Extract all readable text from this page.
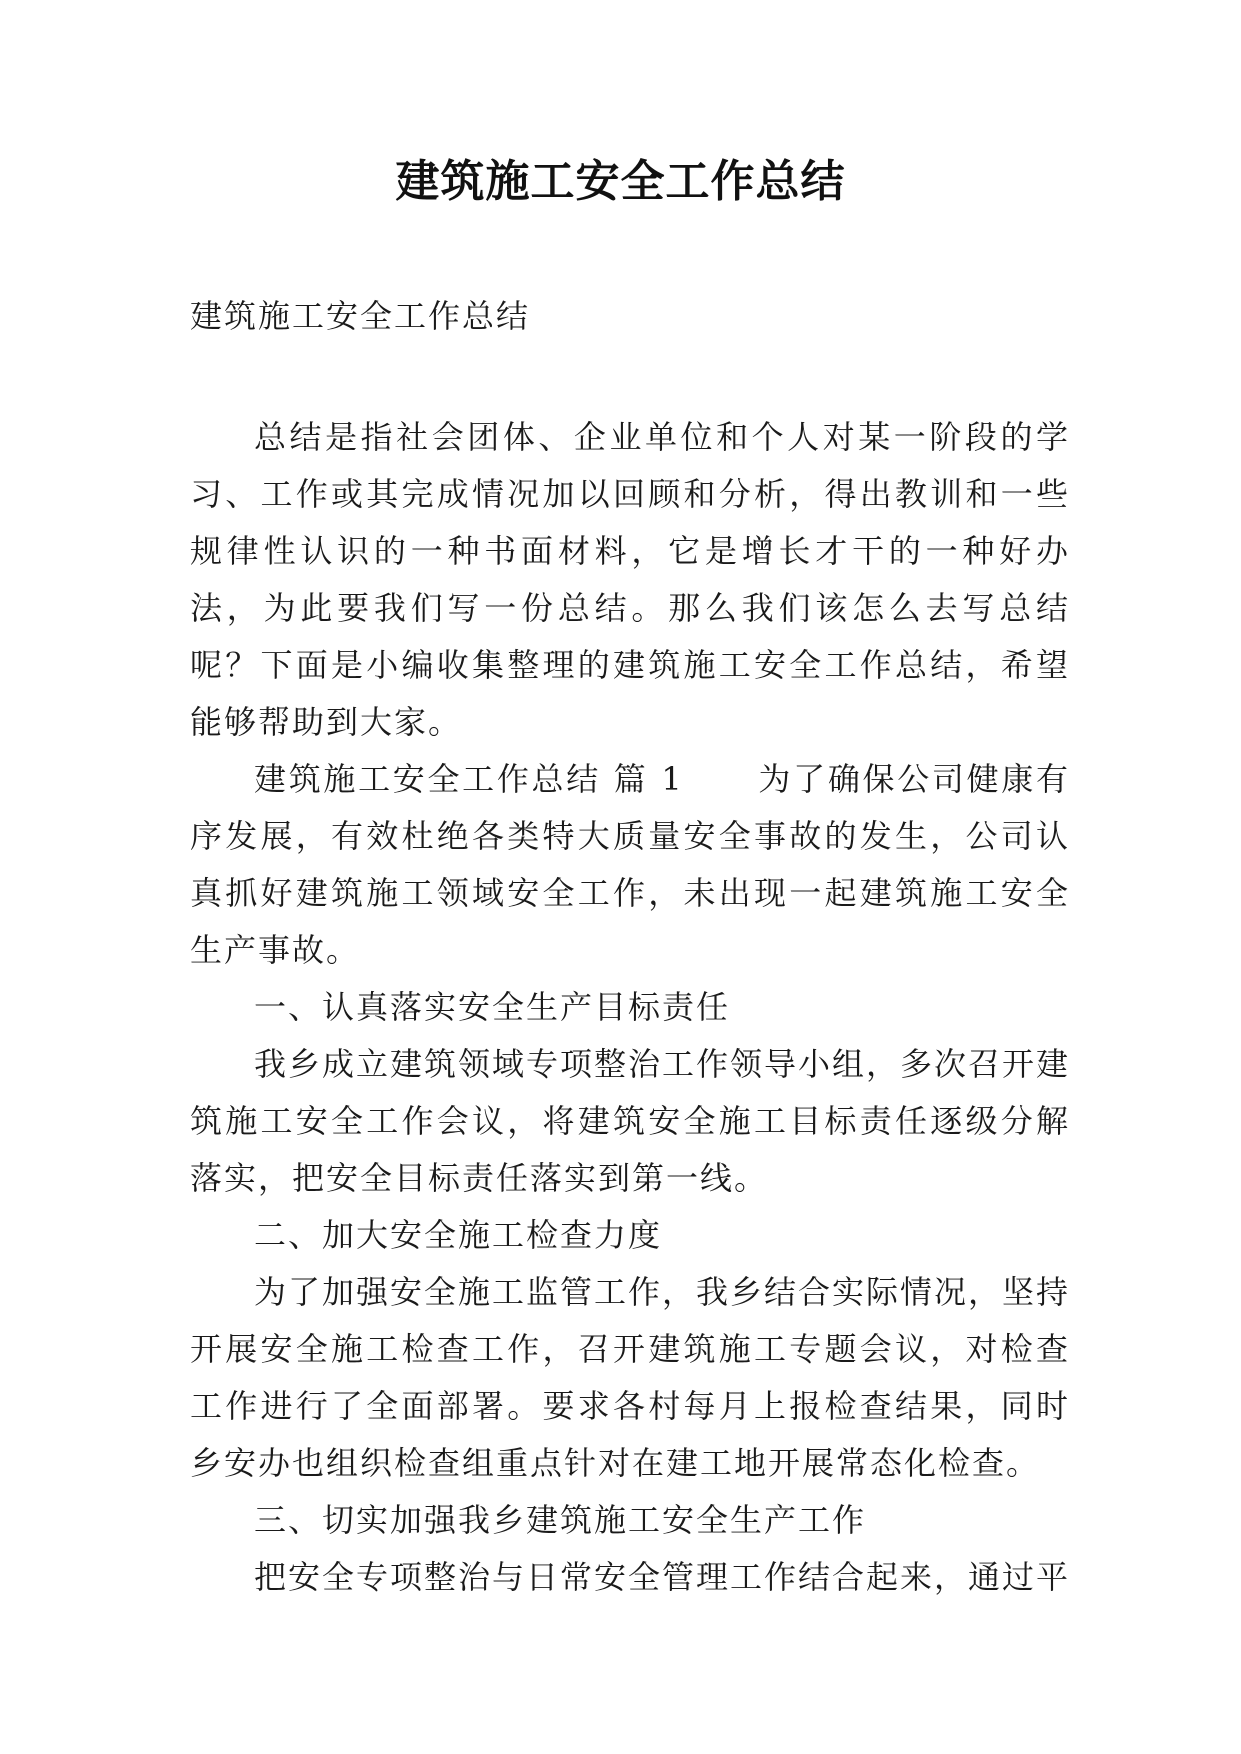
建筑施工安全工作总结

建筑施工安全工作总结

总结是指社会团体、企业单位和个人对某一阶段的学习、工作或其完成情况加以回顾和分析，得出教训和一些规律性认识的一种书面材料，它是增长才干的一种好办法，为此要我们写一份总结。那么我们该怎么去写总结呢？下面是小编收集整理的建筑施工安全工作总结，希望能够帮助到大家。

建筑施工安全工作总结 篇 1 为了确保公司健康有序发展，有效杜绝各类特大质量安全事故的发生，公司认真抓好建筑施工领域安全工作，未出现一起建筑施工安全生产事故。

一、认真落实安全生产目标责任

我乡成立建筑领域专项整治工作领导小组，多次召开建筑施工安全工作会议，将建筑安全施工目标责任逐级分解落实，把安全目标责任落实到第一线。

二、加大安全施工检查力度

为了加强安全施工监管工作，我乡结合实际情况，坚持开展安全施工检查工作，召开建筑施工专题会议，对检查工作进行了全面部署。要求各村每月上报检查结果，同时乡安办也组织检查组重点针对在建工地开展常态化检查。

三、切实加强我乡建筑施工安全生产工作

把安全专项整治与日常安全管理工作结合起来，通过平
